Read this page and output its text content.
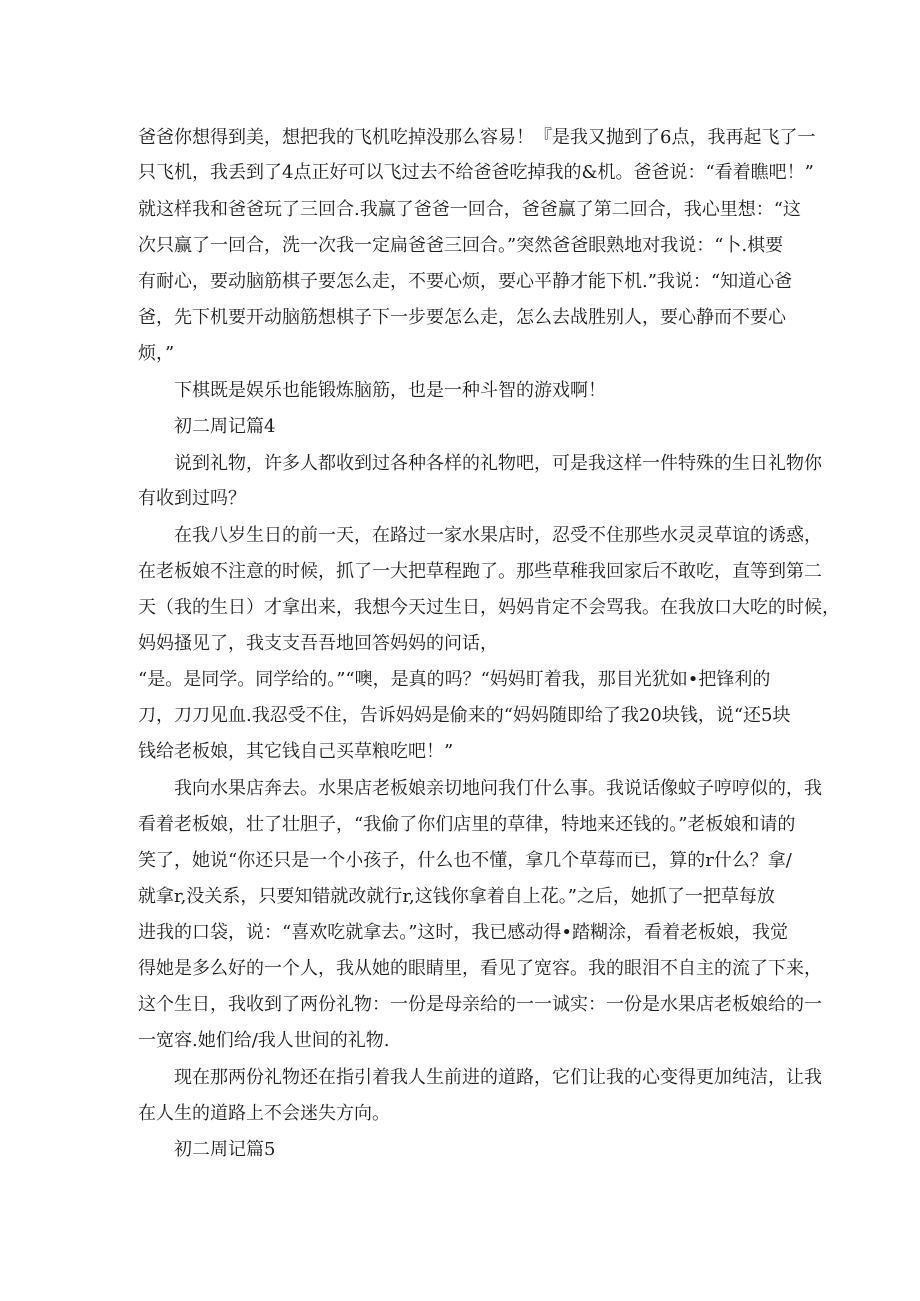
爸爸你想得到美，想把我的飞机吃掉没那么容易！『是我又抛到了6点，我再起飞了一

只飞机，我丢到了4点正好可以飞过去不给爸爸吃掉我的&机。爸爸说：“看着瞧吧！”

就这样我和爸爸玩了三回合.我赢了爸爸一回合，爸爸赢了第二回合，我心里想：“这

次只赢了一回合，洗一次我一定扁爸爸三回合。”突然爸爸眼熟地对我说：“卜.棋要

有耐心，要动脑筋棋子要怎么走，不要心烦，要心平静才能下机.”我说：“知道心爸

爸，先下机要开动脑筋想棋子下一步要怎么走，怎么去战胜别人，要心静而不要心

烦，”

下棋既是娱乐也能锻炼脑筋，也是一种斗智的游戏啊！

初二周记篇4

说到礼物，许多人都收到过各种各样的礼物吧，可是我这样一件特殊的生日礼物你

有收到过吗？

在我八岁生日的前一天，在路过一家水果店时，忍受不住那些水灵灵草谊的诱惑，

在老板娘不注意的时候，抓了一大把草程跑了。那些草稚我回家后不敢吃，直等到第二

天（我的生日）才拿出来，我想今天过生日，妈妈肯定不会骂我。在我放口大吃的时候，

妈妈搔见了，我支支吾吾地回答妈妈的问话，

“是。是同学。同学给的。”“噢，是真的吗？“妈妈盯着我，那目光犹如•把锋利的

刀，刀刀见血.我忍受不住，告诉妈妈是偷来的“妈妈随即给了我20块钱，说“还5块

钱给老板娘，其它钱自己买草粮吃吧！”

我向水果店奔去。水果店老板娘亲切地问我仃什么事。我说话像蚊子哼哼似的，我

看着老板娘，壮了壮胆子，“我偷了你们店里的草律，特地来还钱的。”老板娘和请的

笑了，她说“你还只是一个小孩子，什么也不懂，拿几个草莓而已，算的r什么？拿/

就拿r,没关系，只要知错就改就行r,这钱你拿着自上花。”之后，她抓了一把草每放

进我的口袋，说：“喜欢吃就拿去。”这时，我已感动得•踏糊涂，看着老板娘，我觉

得她是多么好的一个人，我从她的眼睛里，看见了宽容。我的眼泪不自主的流了下来，

这个生日，我收到了两份礼物：一份是母亲给的一一诚实：一份是水果店老板娘给的一

一宽容.她们给/我人世间的礼物.

现在那两份礼物还在指引着我人生前进的道路，它们让我的心变得更加纯洁，让我

在人生的道路上不会迷失方向。

初二周记篇5
